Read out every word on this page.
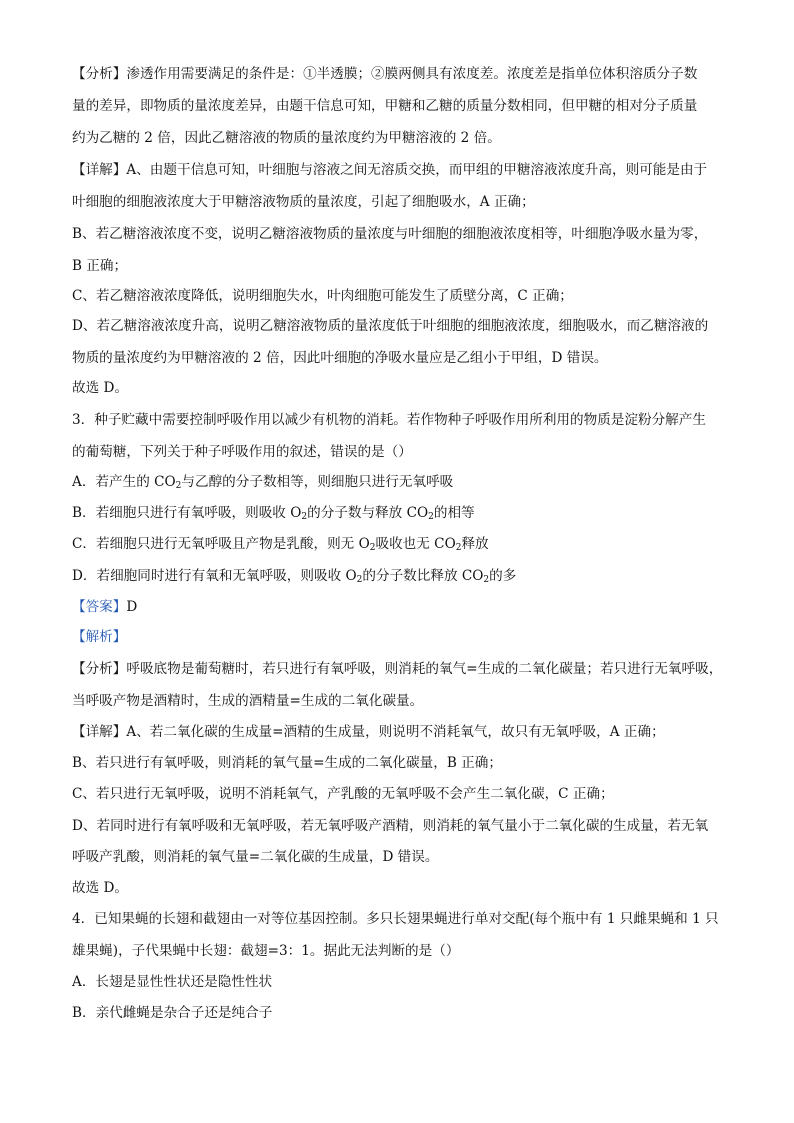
【分析】渗透作用需要满足的条件是：①半透膜；②膜两侧具有浓度差。浓度差是指单位体积溶质分子数
量的差异，即物质的量浓度差异，由题干信息可知，甲糖和乙糖的质量分数相同，但甲糖的相对分子质量
约为乙糖的 2 倍，因此乙糖溶液的物质的量浓度约为甲糖溶液的 2 倍。
【详解】A、由题干信息可知，叶细胞与溶液之间无溶质交换，而甲组的甲糖溶液浓度升高，则可能是由于
叶细胞的细胞液浓度大于甲糖溶液物质的量浓度，引起了细胞吸水，A 正确；
B、若乙糖溶液浓度不变，说明乙糖溶液物质的量浓度与叶细胞的细胞液浓度相等，叶细胞净吸水量为零，
B 正确；
C、若乙糖溶液浓度降低，说明细胞失水，叶肉细胞可能发生了质壁分离，C 正确；
D、若乙糖溶液浓度升高，说明乙糖溶液物质的量浓度低于叶细胞的细胞液浓度，细胞吸水，而乙糖溶液的
物质的量浓度约为甲糖溶液的 2 倍，因此叶细胞的净吸水量应是乙组小于甲组，D 错误。
故选 D。
3．种子贮藏中需要控制呼吸作用以减少有机物的消耗。若作物种子呼吸作用所利用的物质是淀粉分解产生
的葡萄糖，下列关于种子呼吸作用的叙述，错误的是（）
A．若产生的 $CO_2$与乙醇的分子数相等，则细胞只进行无氧呼吸
B．若细胞只进行有氧呼吸，则吸收 $O_2$的分子数与释放 $CO_2$的相等
C．若细胞只进行无氧呼吸且产物是乳酸，则无 $O_2$吸收也无 $CO_2$释放
D．若细胞同时进行有氧和无氧呼吸，则吸收 $O_2$的分子数比释放 $CO_2$的多
【答案】D
【解析】
【分析】呼吸底物是葡萄糖时，若只进行有氧呼吸，则消耗的氧气=生成的二氧化碳量；若只进行无氧呼吸，
当呼吸产物是酒精时，生成的酒精量=生成的二氧化碳量。
【详解】A、若二氧化碳的生成量=酒精的生成量，则说明不消耗氧气，故只有无氧呼吸，A 正确；
B、若只进行有氧呼吸，则消耗的氧气量=生成的二氧化碳量，B 正确；
C、若只进行无氧呼吸，说明不消耗氧气，产乳酸的无氧呼吸不会产生二氧化碳，C 正确；
D、若同时进行有氧呼吸和无氧呼吸，若无氧呼吸产酒精，则消耗的氧气量小于二氧化碳的生成量，若无氧
呼吸产乳酸，则消耗的氧气量=二氧化碳的生成量，D 错误。
故选 D。
4．已知果蝇的长翅和截翅由一对等位基因控制。多只长翅果蝇进行单对交配(每个瓶中有 1 只雌果蝇和 1 只
雄果蝇)，子代果蝇中长翅：截翅=3：1。据此无法判断的是（）
A．长翅是显性性状还是隐性性状
B．亲代雌蝇是杂合子还是纯合子
